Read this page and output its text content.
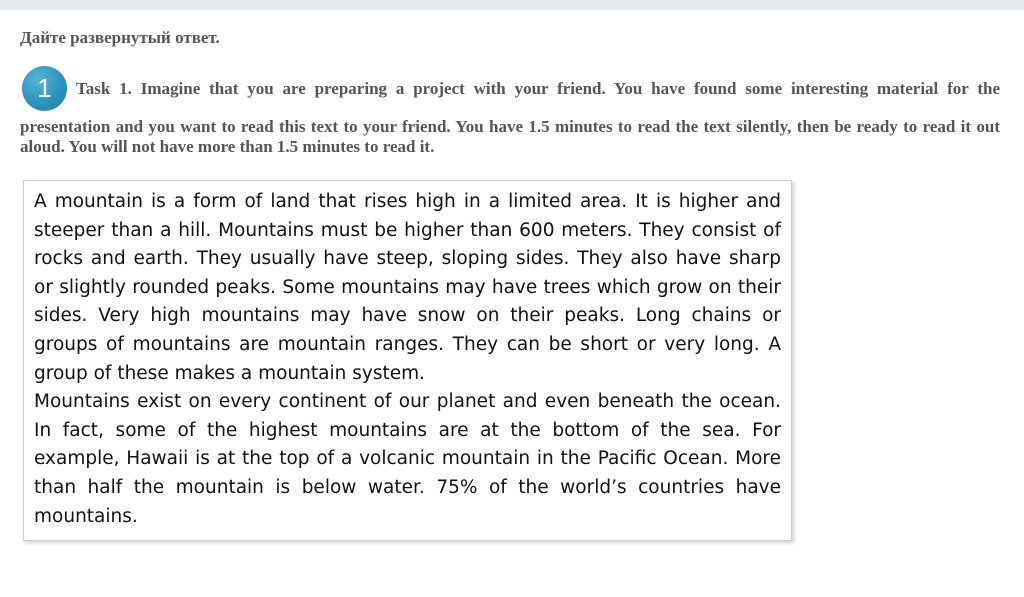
Дайте развернутый ответ.
1	Task 1. Imagine that you are preparing a project with your friend. You have found some interesting material for the
presentation and you want to read this text to your friend. You have 1.5 minutes to read the text silently, then be ready to read it out aloud. You will not have more than 1.5 minutes to read it.

A mountain is a form of land that rises high in a limited area. It is higher and steeper than a hill. Mountains must be higher than 600 meters. They consist of rocks and earth. They usually have steep, sloping sides. They also have sharp or slightly rounded peaks. Some mountains may have trees which grow on their sides. Very high mountains may have snow on their peaks. Long chains or groups of mountains are mountain ranges. They can be short or very long. A group of these makes a mountain system.

Mountains exist on every continent of our planet and even beneath the ocean. In fact, some of the highest mountains are at the bottom of the sea. For example, Hawaii is at the top of a volcanic mountain in the Pacific Ocean. More than half the mountain is below water. 75% of the world’s countries have mountains.
